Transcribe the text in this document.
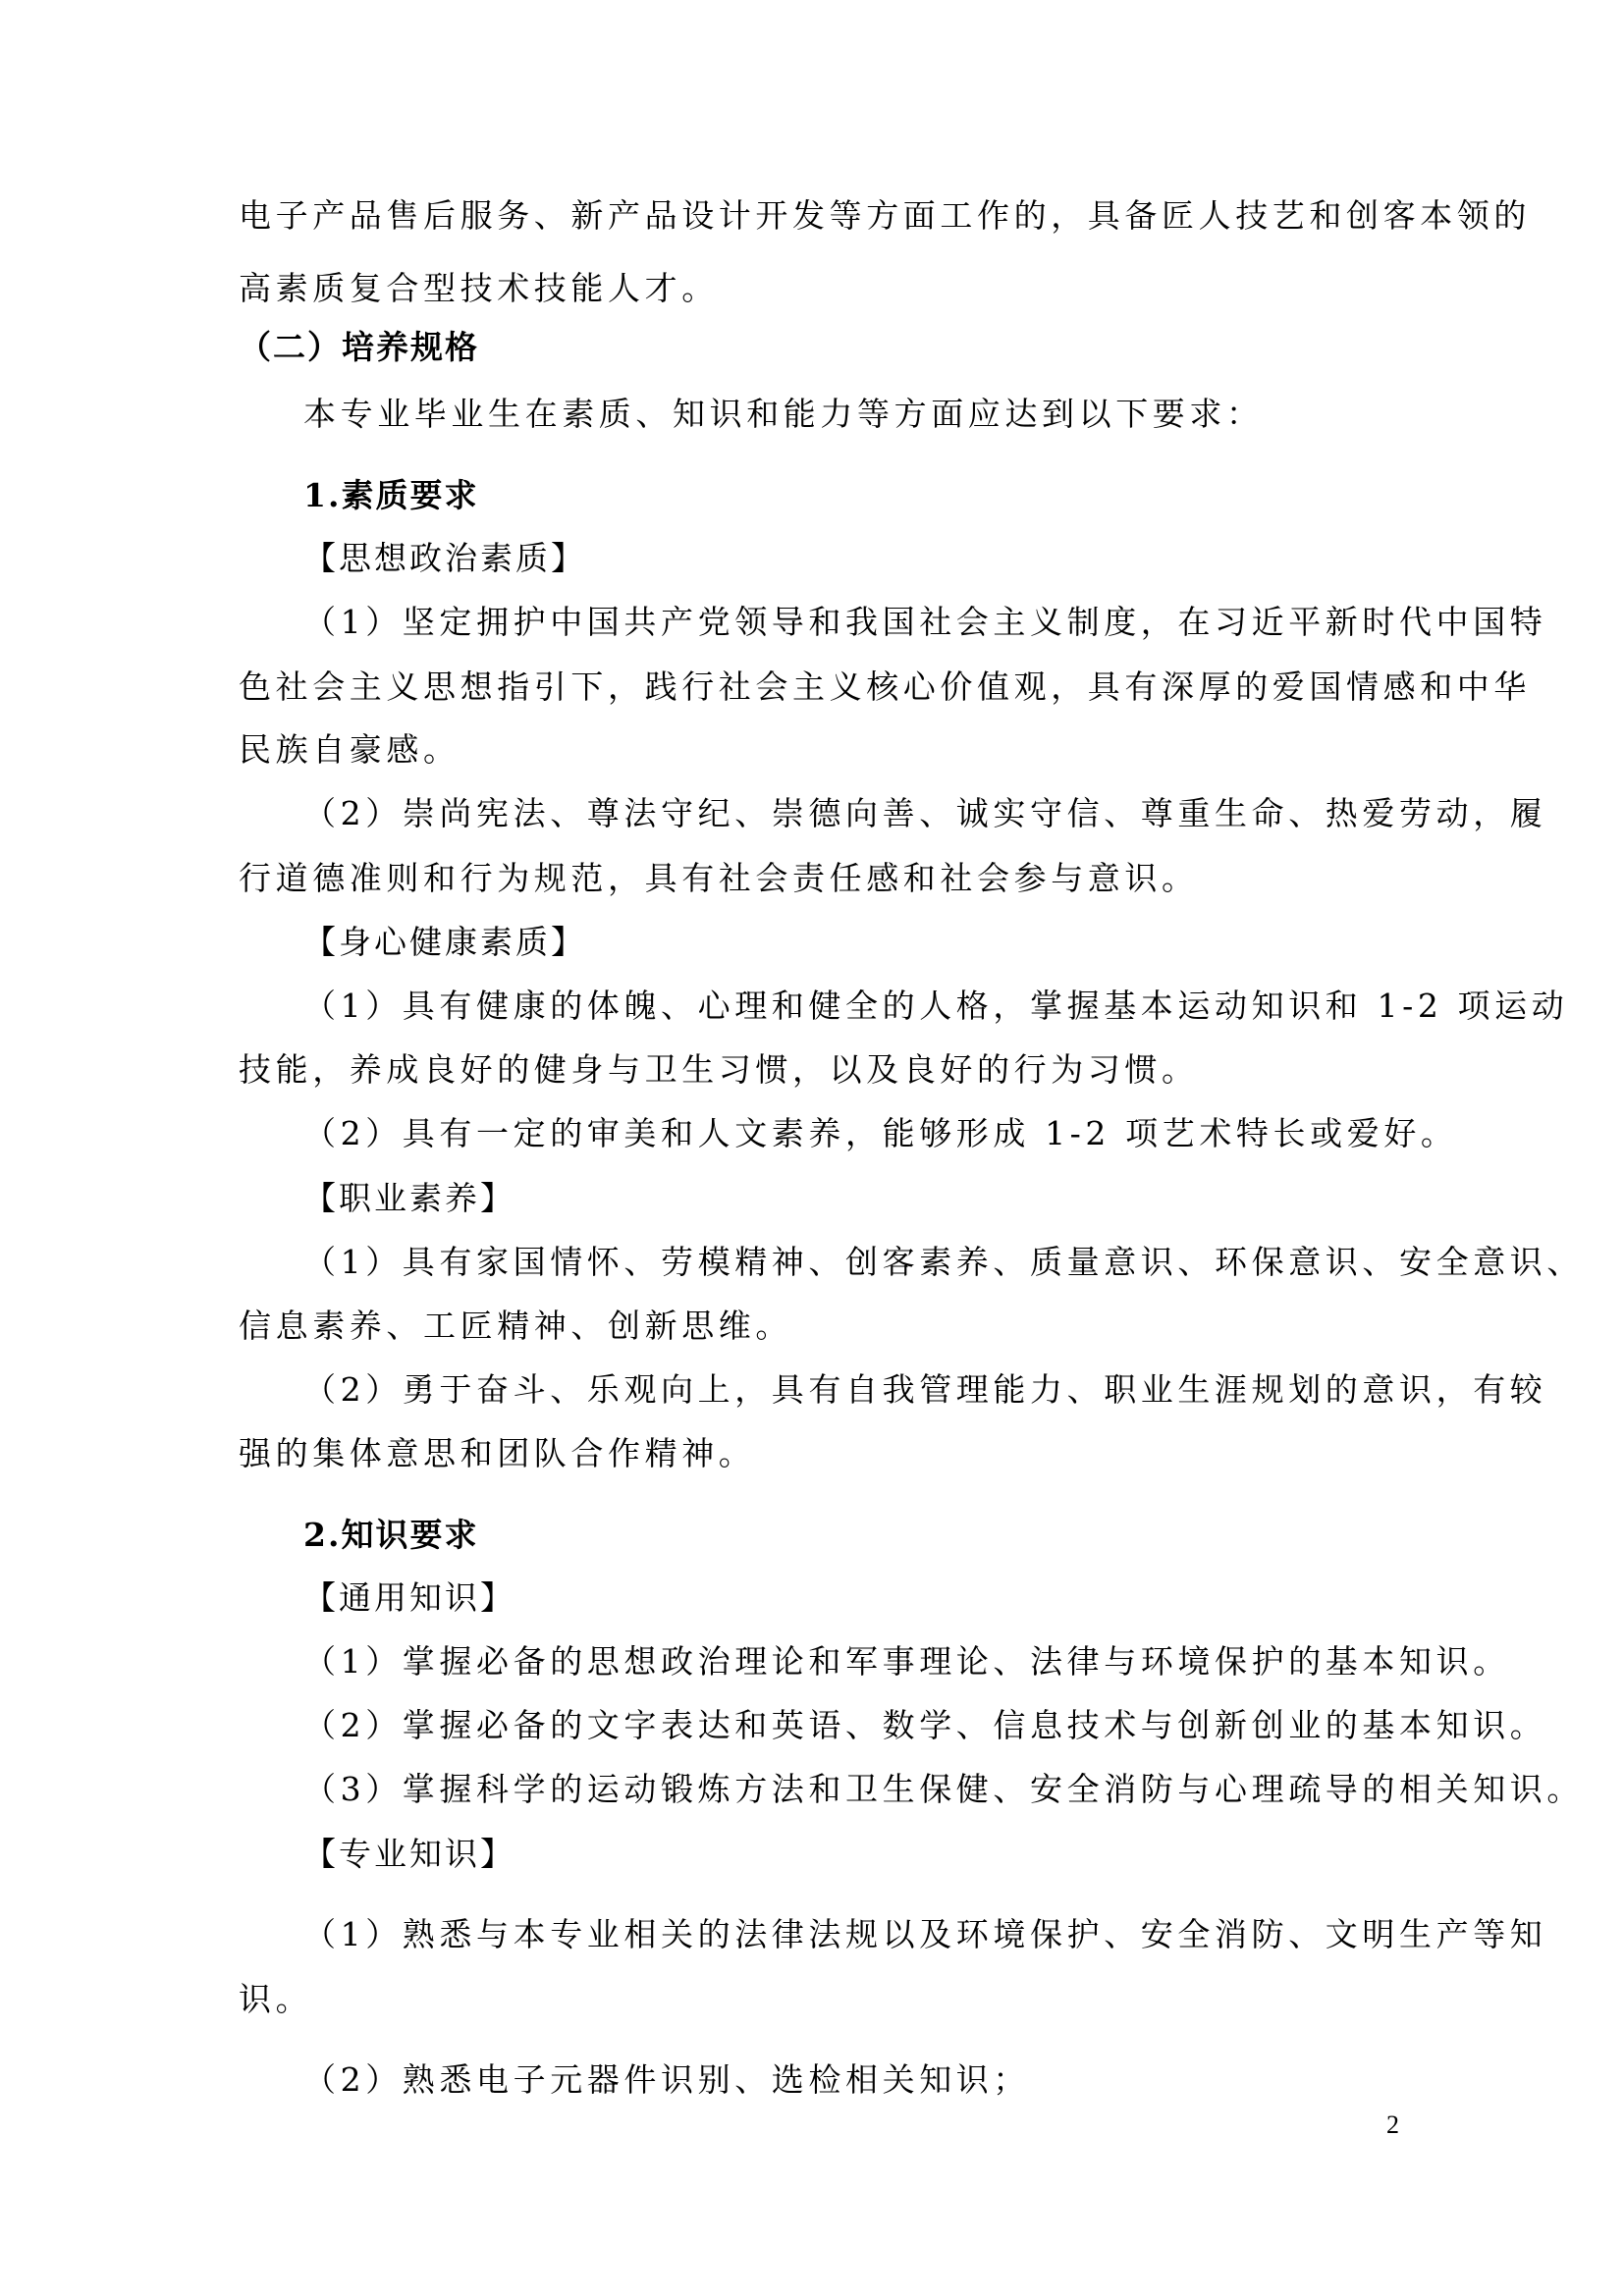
电子产品售后服务、新产品设计开发等方面工作的，具备匠人技艺和创客本领的
高素质复合型技术技能人才。
（二）培养规格
本专业毕业生在素质、知识和能力等方面应达到以下要求：
1.素质要求
【思想政治素质】
（1）坚定拥护中国共产党领导和我国社会主义制度，在习近平新时代中国特
色社会主义思想指引下，践行社会主义核心价值观，具有深厚的爱国情感和中华
民族自豪感。
（2）崇尚宪法、尊法守纪、崇德向善、诚实守信、尊重生命、热爱劳动，履
行道德准则和行为规范，具有社会责任感和社会参与意识。
【身心健康素质】
（1）具有健康的体魄、心理和健全的人格，掌握基本运动知识和 1-2 项运动
技能，养成良好的健身与卫生习惯，以及良好的行为习惯。
（2）具有一定的审美和人文素养，能够形成 1-2 项艺术特长或爱好。
【职业素养】
（1）具有家国情怀、劳模精神、创客素养、质量意识、环保意识、安全意识、
信息素养、工匠精神、创新思维。
（2）勇于奋斗、乐观向上，具有自我管理能力、职业生涯规划的意识，有较
强的集体意思和团队合作精神。
2.知识要求
【通用知识】
（1）掌握必备的思想政治理论和军事理论、法律与环境保护的基本知识。
（2）掌握必备的文字表达和英语、数学、信息技术与创新创业的基本知识。
（3）掌握科学的运动锻炼方法和卫生保健、安全消防与心理疏导的相关知识。
【专业知识】
（1）熟悉与本专业相关的法律法规以及环境保护、安全消防、文明生产等知
识。
（2）熟悉电子元器件识别、选检相关知识；
2
